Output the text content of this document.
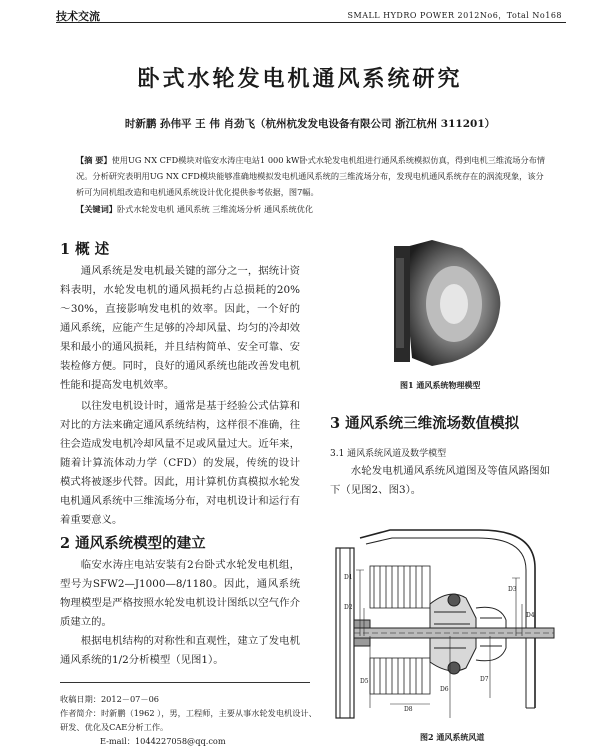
技术交流	SMALL HYDRO POWER 2012No6，Total No168
卧式水轮发电机通风系统研究
时新鹏 孙伟平 王 伟 肖劲飞（杭州杭发发电设备有限公司 浙江杭州 311201）
【摘 要】使用UG NX CFD模块对临安水涛庄电站1 000 kW卧式水轮发电机组进行通风系统模拟仿真，得到电机三维流场分布情况。分析研究表明用UG NX CFD模块能够准确地模拟发电机通风系统的三维流场分布，发现电机通风系统存在的涡流现象，该分析可为同机组改造和电机通风系统设计优化提供参考依据，图7幅。
【关键词】卧式水轮发电机 通风系统 三维流场分析 通风系统优化
1 概 述

通风系统是发电机最关键的部分之一，据统计资料表明，水轮发电机的通风损耗约占总损耗的20%～30%，直接影响发电机的效率。因此，一个好的通风系统，应能产生足够的冷却风量、均匀的冷却效果和最小的通风损耗，并且结构简单、安全可靠、安装检修方便。同时，良好的通风系统也能改善发电机性能和提高发电机效率。

以往发电机设计时，通常是基于经验公式估算和对比的方法来确定通风系统结构，这样很不准确，往往会造成发电机冷却风量不足或风量过大。近年来，随着计算流体动力学（CFD）的发展，传统的设计模式将被逐步代替。因此，用计算机仿真模拟水轮发电机通风系统中三维流场分布，对电机设计和运行有着重要意义。

2 通风系统模型的建立

临安水涛庄电站安装有2台卧式水轮发电机组，型号为SFW2—J1000—8/1180。因此，通风系统物理模型是严格按照水轮发电机设计图纸以空气作介质建立的。

根据电机结构的对称性和直观性，建立了发电机通风系统的1/2分析模型（见图1）。

收稿日期：2012－07－06
作者简介：时新鹏（1962 ），男，工程师，主要从事水轮发电机设计、研发、优化及CAE分析工作。
E-mail：1044227058@qq.com
图1 通风系统物理模型
3 通风系统三维流场数值模拟
3.1 通风系统风道及数学模型

水轮发电机通风系统风道图及等值风路图如下（见图2、图3）。

D1
D2
D3
D4
D5
D6
D7
D8
图2 通风系统风道
